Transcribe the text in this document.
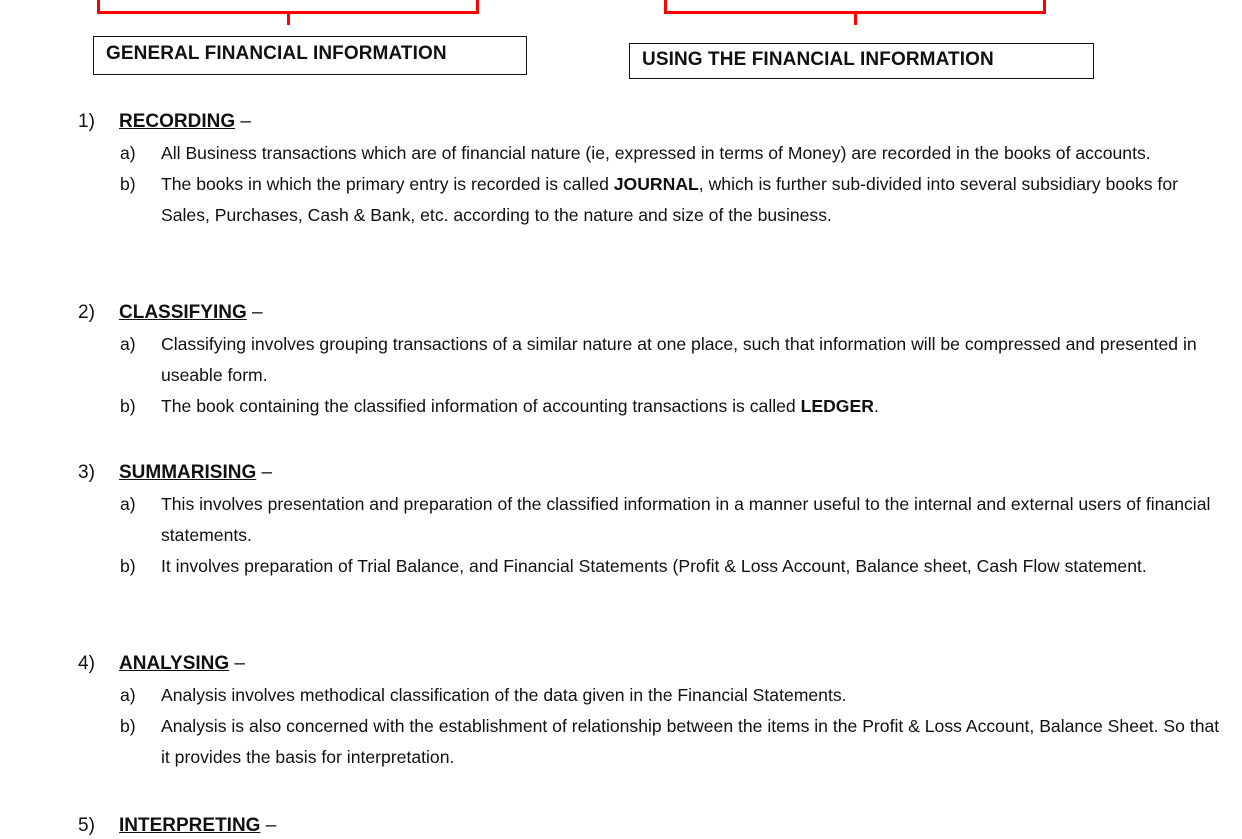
GENERAL FINANCIAL INFORMATION	USING THE FINANCIAL INFORMATION
1) RECORDING –
a) All Business transactions which are of financial nature (ie, expressed in terms of Money) are recorded in the books of accounts.
b) The books in which the primary entry is recorded is called JOURNAL, which is further sub-divided into several subsidiary books for Sales, Purchases, Cash & Bank, etc. according to the nature and size of the business.
2) CLASSIFYING –
a) Classifying involves grouping transactions of a similar nature at one place, such that information will be compressed and presented in useable form.
b) The book containing the classified information of accounting transactions is called LEDGER.
3) SUMMARISING –
a) This involves presentation and preparation of the classified information in a manner useful to the internal and external users of financial statements.
b) It involves preparation of Trial Balance, and Financial Statements (Profit & Loss Account, Balance sheet, Cash Flow statement.
4) ANALYSING –
a) Analysis involves methodical classification of the data given in the Financial Statements.
b) Analysis is also concerned with the establishment of relationship between the items in the Profit & Loss Account, Balance Sheet. So that it provides the basis for interpretation.
5) INTERPRETING –
